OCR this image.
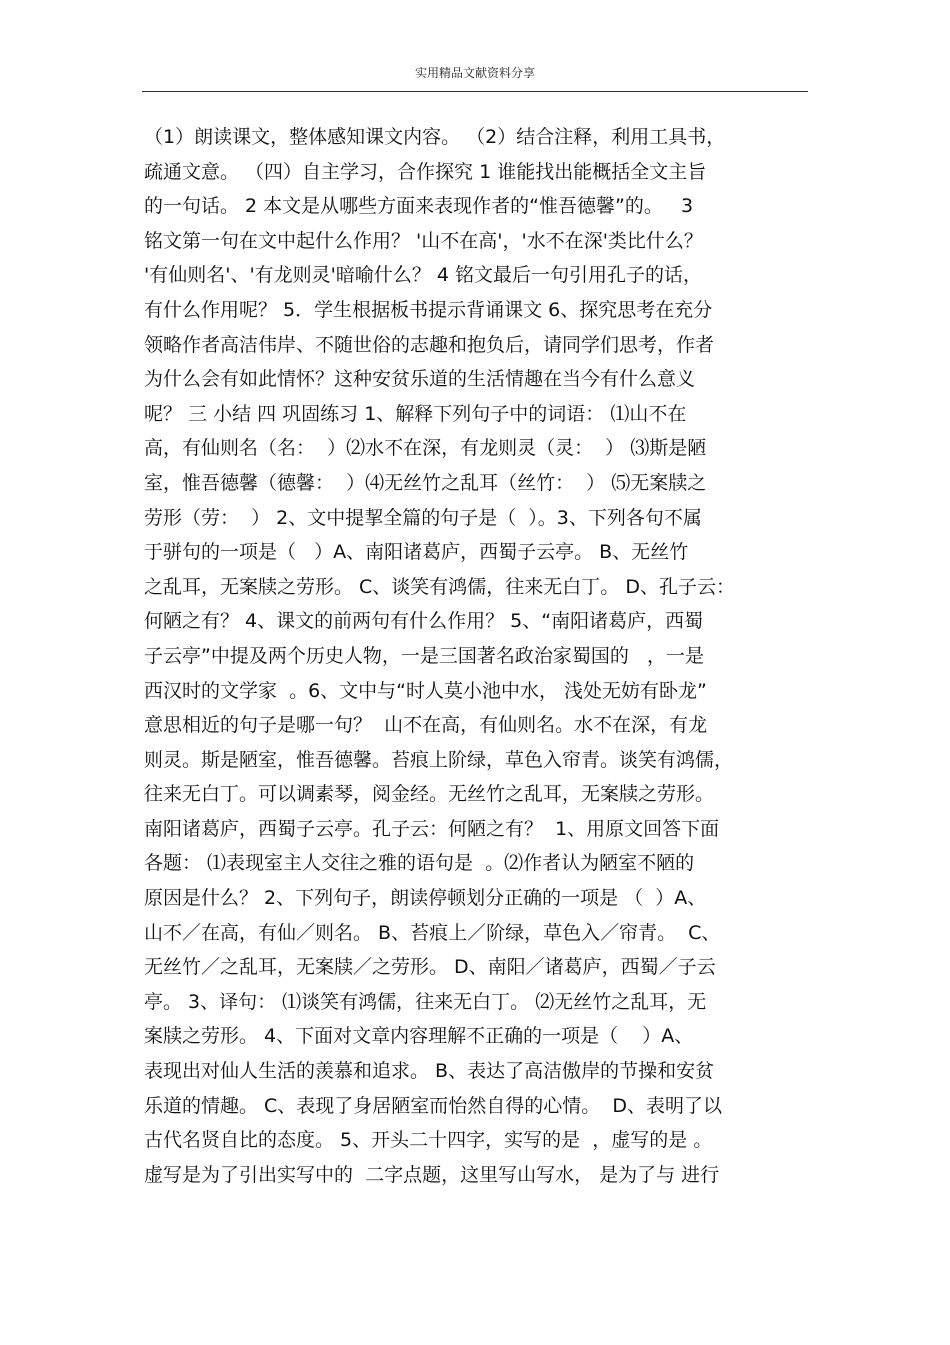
实用精品文献资料分享
（1）朗读课文，整体感知课文内容。 （2）结合注释，利用工具书，
疏通文意。 （四）自主学习，合作探究 1 谁能找出能概括全文主旨
的一句话。 2 本文是从哪些方面来表现作者的“惟吾德馨”的。   3
铭文第一句在文中起什么作用？ '山不在高'，'水不在深'类比什么？
'有仙则名'、'有龙则灵'暗喻什么？ 4 铭文最后一句引用孔子的话，
有什么作用呢？ 5．学生根据板书提示背诵课文 6、探究思考在充分
领略作者高洁伟岸、不随世俗的志趣和抱负后，请同学们思考，作者
为什么会有如此情怀？这种安贫乐道的生活情趣在当今有什么意义
呢？ 三 小结 四 巩固练习 1、解释下列句子中的词语： ⑴山不在
高，有仙则名（名：  ）⑵水不在深，有龙则灵（灵：  ） ⑶斯是陋
室，惟吾德馨（德馨：  ）⑷无丝竹之乱耳（丝竹：  ） ⑸无案牍之
劳形（劳：  ） 2、文中提挈全篇的句子是（  ）。3、下列各句不属
于骈句的一项是（   ）A、南阳诸葛庐，西蜀子云亭。 B、无丝竹
之乱耳，无案牍之劳形。 C、谈笑有鸿儒，往来无白丁。 D、孔子云：
何陋之有？ 4、课文的前两句有什么作用？ 5、“南阳诸葛庐，西蜀
子云亭”中提及两个历史人物，一是三国著名政治家蜀国的   ，一是
西汉时的文学家  。6、文中与“时人莫小池中水， 浅处无妨有卧龙”
意思相近的句子是哪一句？  山不在高，有仙则名。水不在深，有龙
则灵。斯是陋室，惟吾德馨。苔痕上阶绿，草色入帘青。谈笑有鸿儒，
往来无白丁。可以调素琴，阅金经。无丝竹之乱耳，无案牍之劳形。
南阳诸葛庐，西蜀子云亭。孔子云：何陋之有？  1、用原文回答下面
各题： ⑴表现室主人交往之雅的语句是  。⑵作者认为陋室不陋的
原因是什么？ 2、下列句子，朗读停顿划分正确的一项是 （  ）A、
山不／在高，有仙／则名。 B、苔痕上／阶绿，草色入／帘青。  C、
无丝竹／之乱耳，无案牍／之劳形。 D、南阳／诸葛庐，西蜀／子云
亭。 3、译句： ⑴谈笑有鸿儒，往来无白丁。 ⑵无丝竹之乱耳，无
案牍之劳形。 4、下面对文章内容理解不正确的一项是（    ）A、
表现出对仙人生活的羡慕和追求。 B、表达了高洁傲岸的节操和安贫
乐道的情趣。 C、表现了身居陋室而怡然自得的心情。  D、表明了以
古代名贤自比的态度。 5、开头二十四字，实写的是  ，虚写的是 。
虚写是为了引出实写中的  二字点题，这里写山写水， 是为了与 进行
